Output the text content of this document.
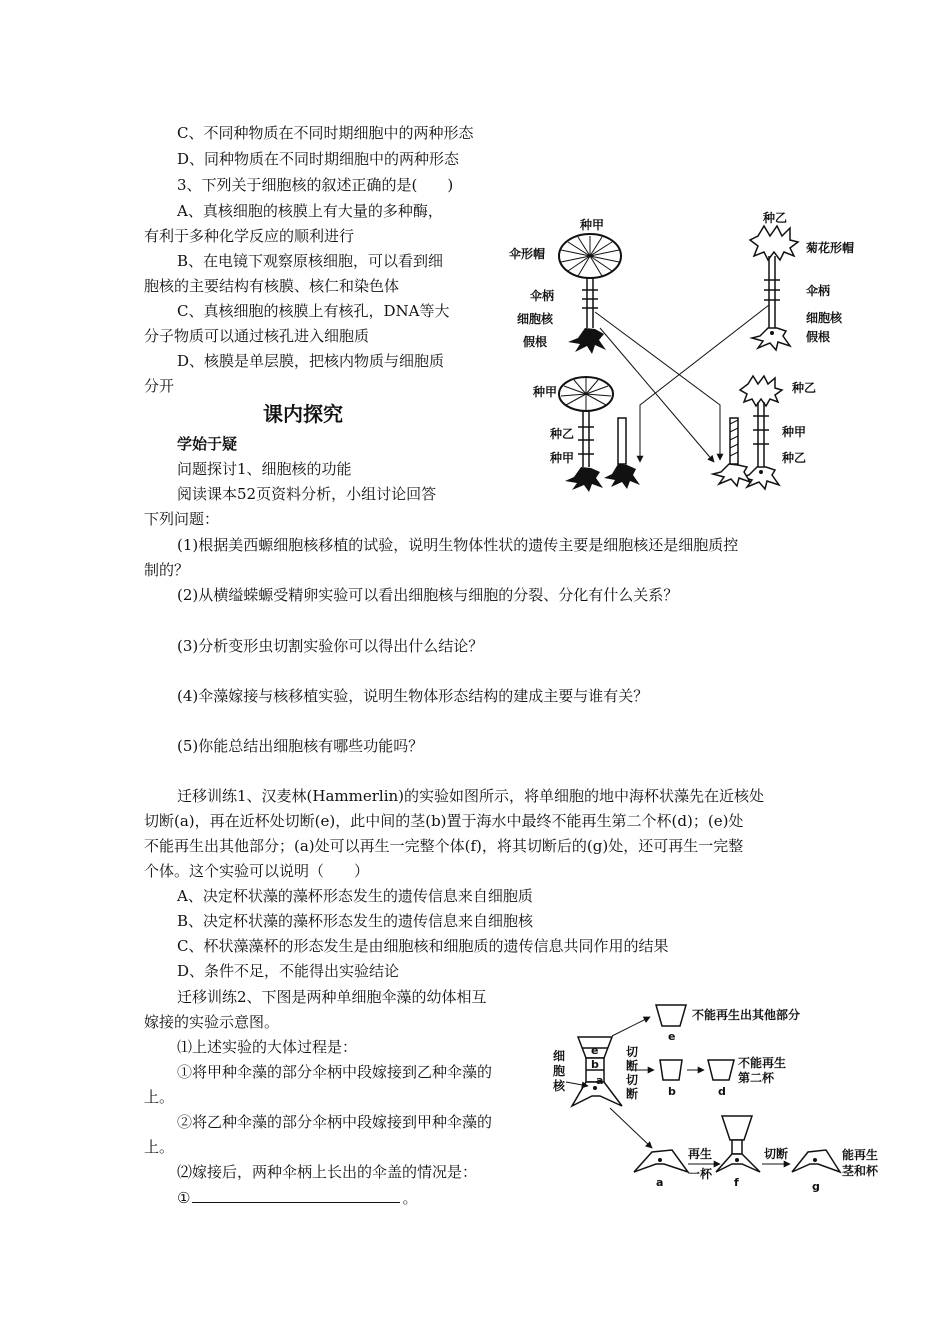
C、不同种物质在不同时期细胞中的两种形态
D、同种物质在不同时期细胞中的两种形态
3、下列关于细胞核的叙述正确的是(　　)
A、真核细胞的核膜上有大量的多种酶，
有利于多种化学反应的顺利进行
B、在电镜下观察原核细胞，可以看到细
胞核的主要结构有核膜、核仁和染色体
C、真核细胞的核膜上有核孔，DNA等大
分子物质可以通过核孔进入细胞质
D、核膜是单层膜，把核内物质与细胞质
分开
课内探究
学始于疑
问题探讨1、细胞核的功能
阅读课本52页资料分析，小组讨论回答
下列问题：
(1)根据美西螈细胞核移植的试验，说明生物体性状的遗传主要是细胞核还是细胞质控
制的？
(2)从横缢蝾螈受精卵实验可以看出细胞核与细胞的分裂、分化有什么关系？
(3)分析变形虫切割实验你可以得出什么结论？
(4)伞藻嫁接与核移植实验，说明生物体形态结构的建成主要与谁有关？
(5)你能总结出细胞核有哪些功能吗？
迁移训练1、汉麦林(Hammerlin)的实验如图所示，将单细胞的地中海杯状藻先在近核处
切断(a)，再在近杯处切断(e)，此中间的茎(b)置于海水中最终不能再生第二个杯(d)；(e)处
不能再生出其他部分；(a)处可以再生一完整个体(f)，将其切断后的(g)处，还可再生一完整
个体。这个实验可以说明（　　）
A、决定杯状藻的藻杯形态发生的遗传信息来自细胞质
B、决定杯状藻的藻杯形态发生的遗传信息来自细胞核
C、杯状藻藻杯的形态发生是由细胞核和细胞质的遗传信息共同作用的结果
D、条件不足，不能得出实验结论
迁移训练2、下图是两种单细胞伞藻的幼体相互
嫁接的实验示意图。
⑴上述实验的大体过程是：
①将甲种伞藻的部分伞柄中段嫁接到乙种伞藻的
上。
②将乙种伞藻的部分伞柄中段嫁接到甲种伞藻的
上。
⑵嫁接后，两种伞柄上长出的伞盖的情况是：
①	。
种甲	种乙
伞形帽	菊花形帽
伞柄	伞柄
细胞核	细胞核
假根	假根
种甲
种乙
种甲
种乙
种甲
种乙
细
胞
核
e
b
a
切
断
切
断
e
不能再生出其他部分
b	d
不能再生
第二杯
a
再生
一杯
f
切断
g
能再生
茎和杯
